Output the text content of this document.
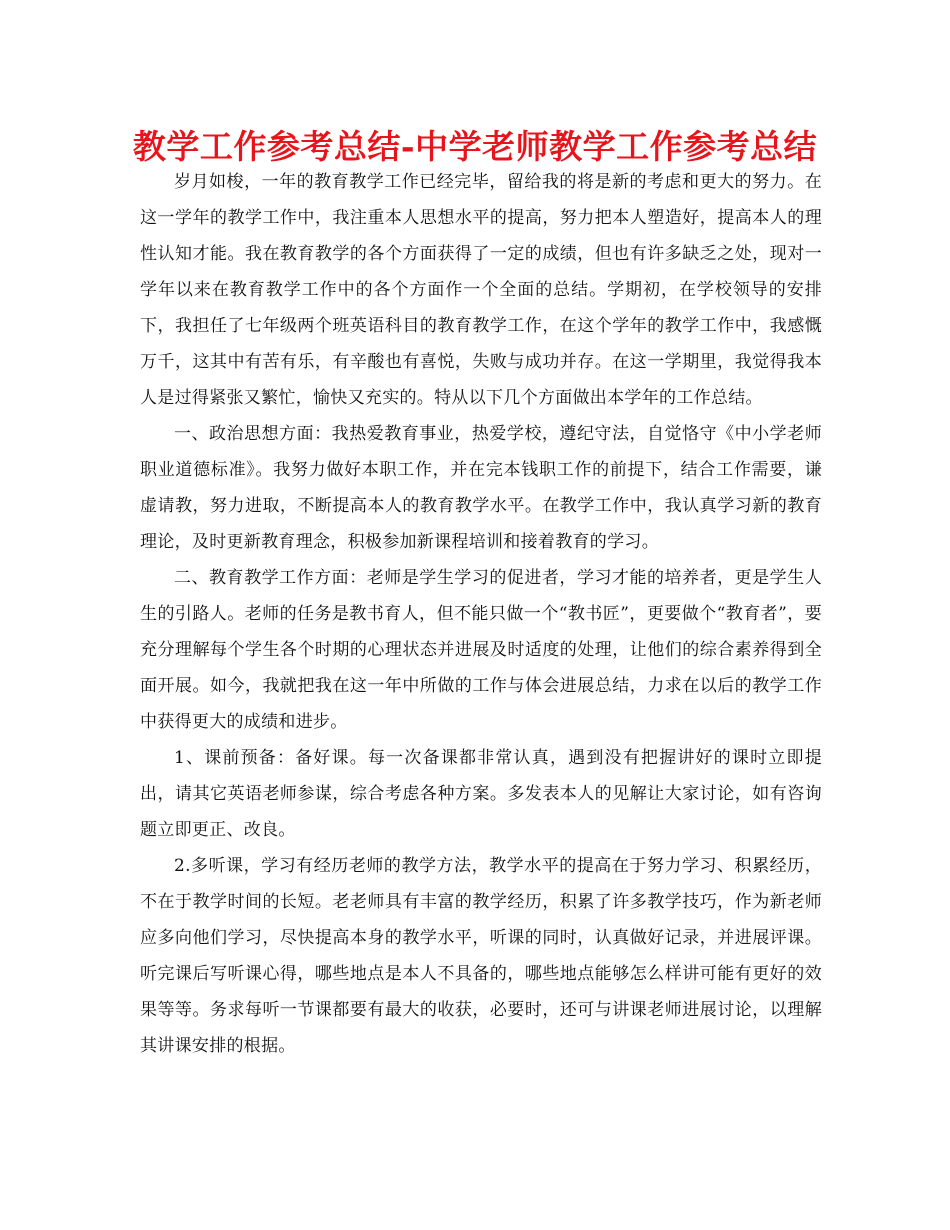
教学工作参考总结-中学老师教学工作参考总结

岁月如梭，一年的教育教学工作已经完毕，留给我的将是新的考虑和更大的努力。在这一学年的教学工作中，我注重本人思想水平的提高，努力把本人塑造好，提高本人的理性认知才能。我在教育教学的各个方面获得了一定的成绩，但也有许多缺乏之处，现对一学年以来在教育教学工作中的各个方面作一个全面的总结。学期初，在学校领导的安排下，我担任了七年级两个班英语科目的教育教学工作，在这个学年的教学工作中，我感慨万千，这其中有苦有乐，有辛酸也有喜悦，失败与成功并存。在这一学期里，我觉得我本人是过得紧张又繁忙，愉快又充实的。特从以下几个方面做出本学年的工作总结。

一、政治思想方面：我热爱教育事业，热爱学校，遵纪守法，自觉恪守《中小学老师职业道德标准》。我努力做好本职工作，并在完本钱职工作的前提下，结合工作需要，谦虚请教，努力进取，不断提高本人的教育教学水平。在教学工作中，我认真学习新的教育理论，及时更新教育理念，积极参加新课程培训和接着教育的学习。

二、教育教学工作方面：老师是学生学习的促进者，学习才能的培养者，更是学生人生的引路人。老师的任务是教书育人，但不能只做一个“教书匠”，更要做个“教育者”，要充分理解每个学生各个时期的心理状态并进展及时适度的处理，让他们的综合素养得到全面开展。如今，我就把我在这一年中所做的工作与体会进展总结，力求在以后的教学工作中获得更大的成绩和进步。

1、课前预备：备好课。每一次备课都非常认真，遇到没有把握讲好的课时立即提出，请其它英语老师参谋，综合考虑各种方案。多发表本人的见解让大家讨论，如有咨询题立即更正、改良。

2.多听课，学习有经历老师的教学方法，教学水平的提高在于努力学习、积累经历，不在于教学时间的长短。老老师具有丰富的教学经历，积累了许多教学技巧，作为新老师应多向他们学习，尽快提高本身的教学水平，听课的同时，认真做好记录，并进展评课。听完课后写听课心得，哪些地点是本人不具备的，哪些地点能够怎么样讲可能有更好的效果等等。务求每听一节课都要有最大的收获，必要时，还可与讲课老师进展讨论，以理解其讲课安排的根据。
